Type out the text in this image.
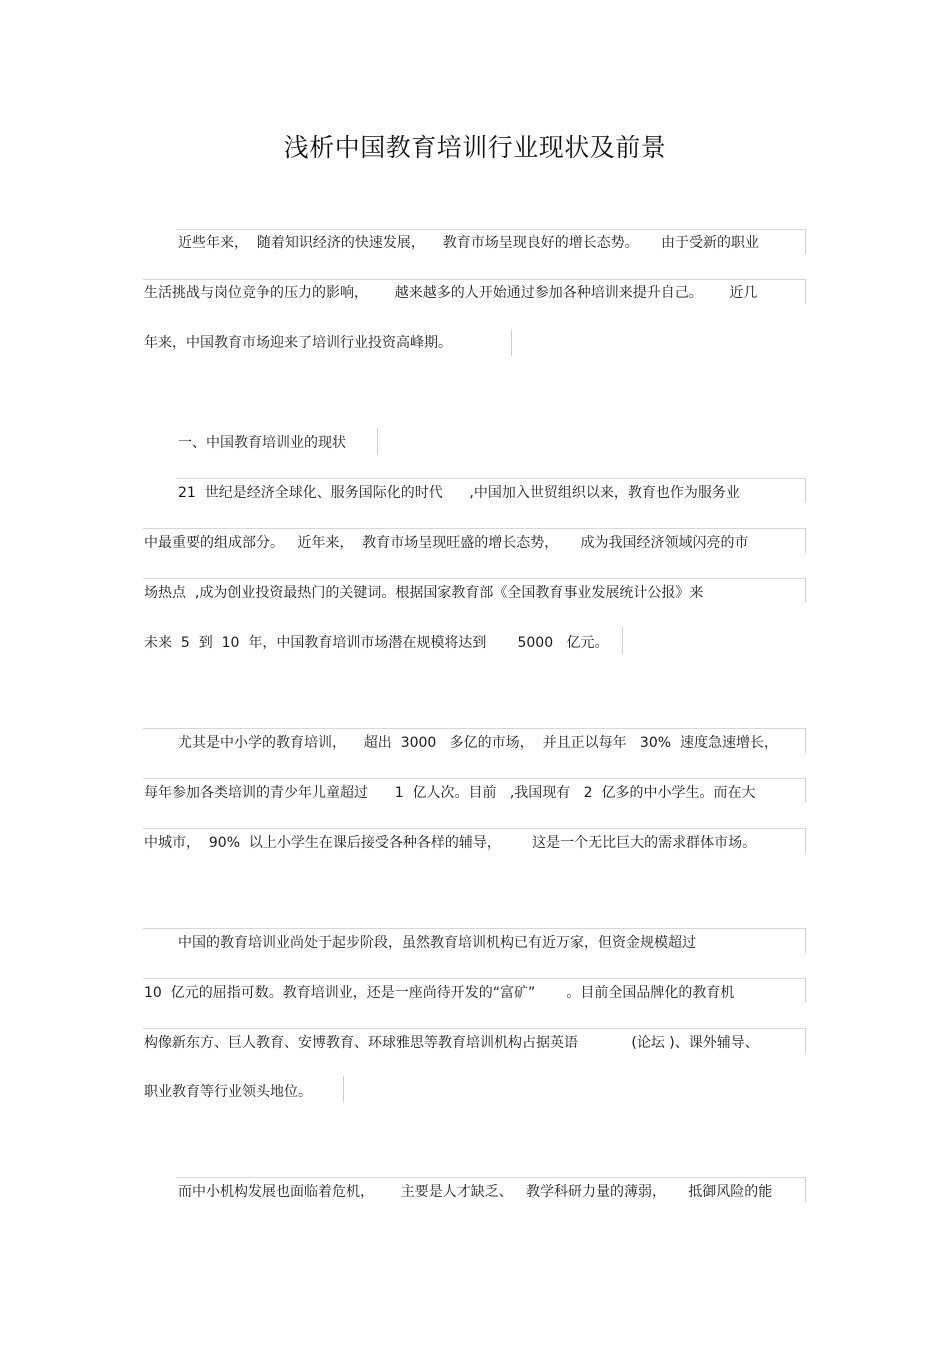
浅析中国教育培训行业现状及前景
近些年来，  随着知识经济的快速发展，    教育市场呈现良好的增长态势。     由于受新的职业
生活挑战与岗位竞争的压力的影响，      越来越多的人开始通过参加各种培训来提升自己。      近几
年来，中国教育市场迎来了培训行业投资高峰期。
一、中国教育培训业的现状
21  世纪是经济全球化、服务国际化的时代      ,中国加入世贸组织以来，教育也作为服务业
中最重要的组成部分。   近年来，  教育市场呈现旺盛的增长态势，     成为我国经济领域闪亮的市
场热点  ,成为创业投资最热门的关键词。根据国家教育部《全国教育事业发展统计公报》来
未来  5  到  10  年，中国教育培训市场潜在规模将达到       5000   亿元。
尤其是中小学的教育培训，    超出  3000   多亿的市场，  并且正以每年   30%  速度急速增长，
每年参加各类培训的青少年儿童超过      1  亿人次。目前   ,我国现有   2  亿多的中小学生。而在大
中城市，  90%  以上小学生在课后接受各种各样的辅导，       这是一个无比巨大的需求群体市场。
中国的教育培训业尚处于起步阶段，虽然教育培训机构已有近万家，但资金规模超过
10  亿元的屈指可数。教育培训业，还是一座尚待开发的“富矿”       。目前全国品牌化的教育机
构像新东方、巨人教育、安博教育、环球雅思等教育培训机构占据英语            (论坛 )、课外辅导、
职业教育等行业领头地位。
而中小机构发展也面临着危机，      主要是人才缺乏、   教学科研力量的薄弱，     抵御风险的能
